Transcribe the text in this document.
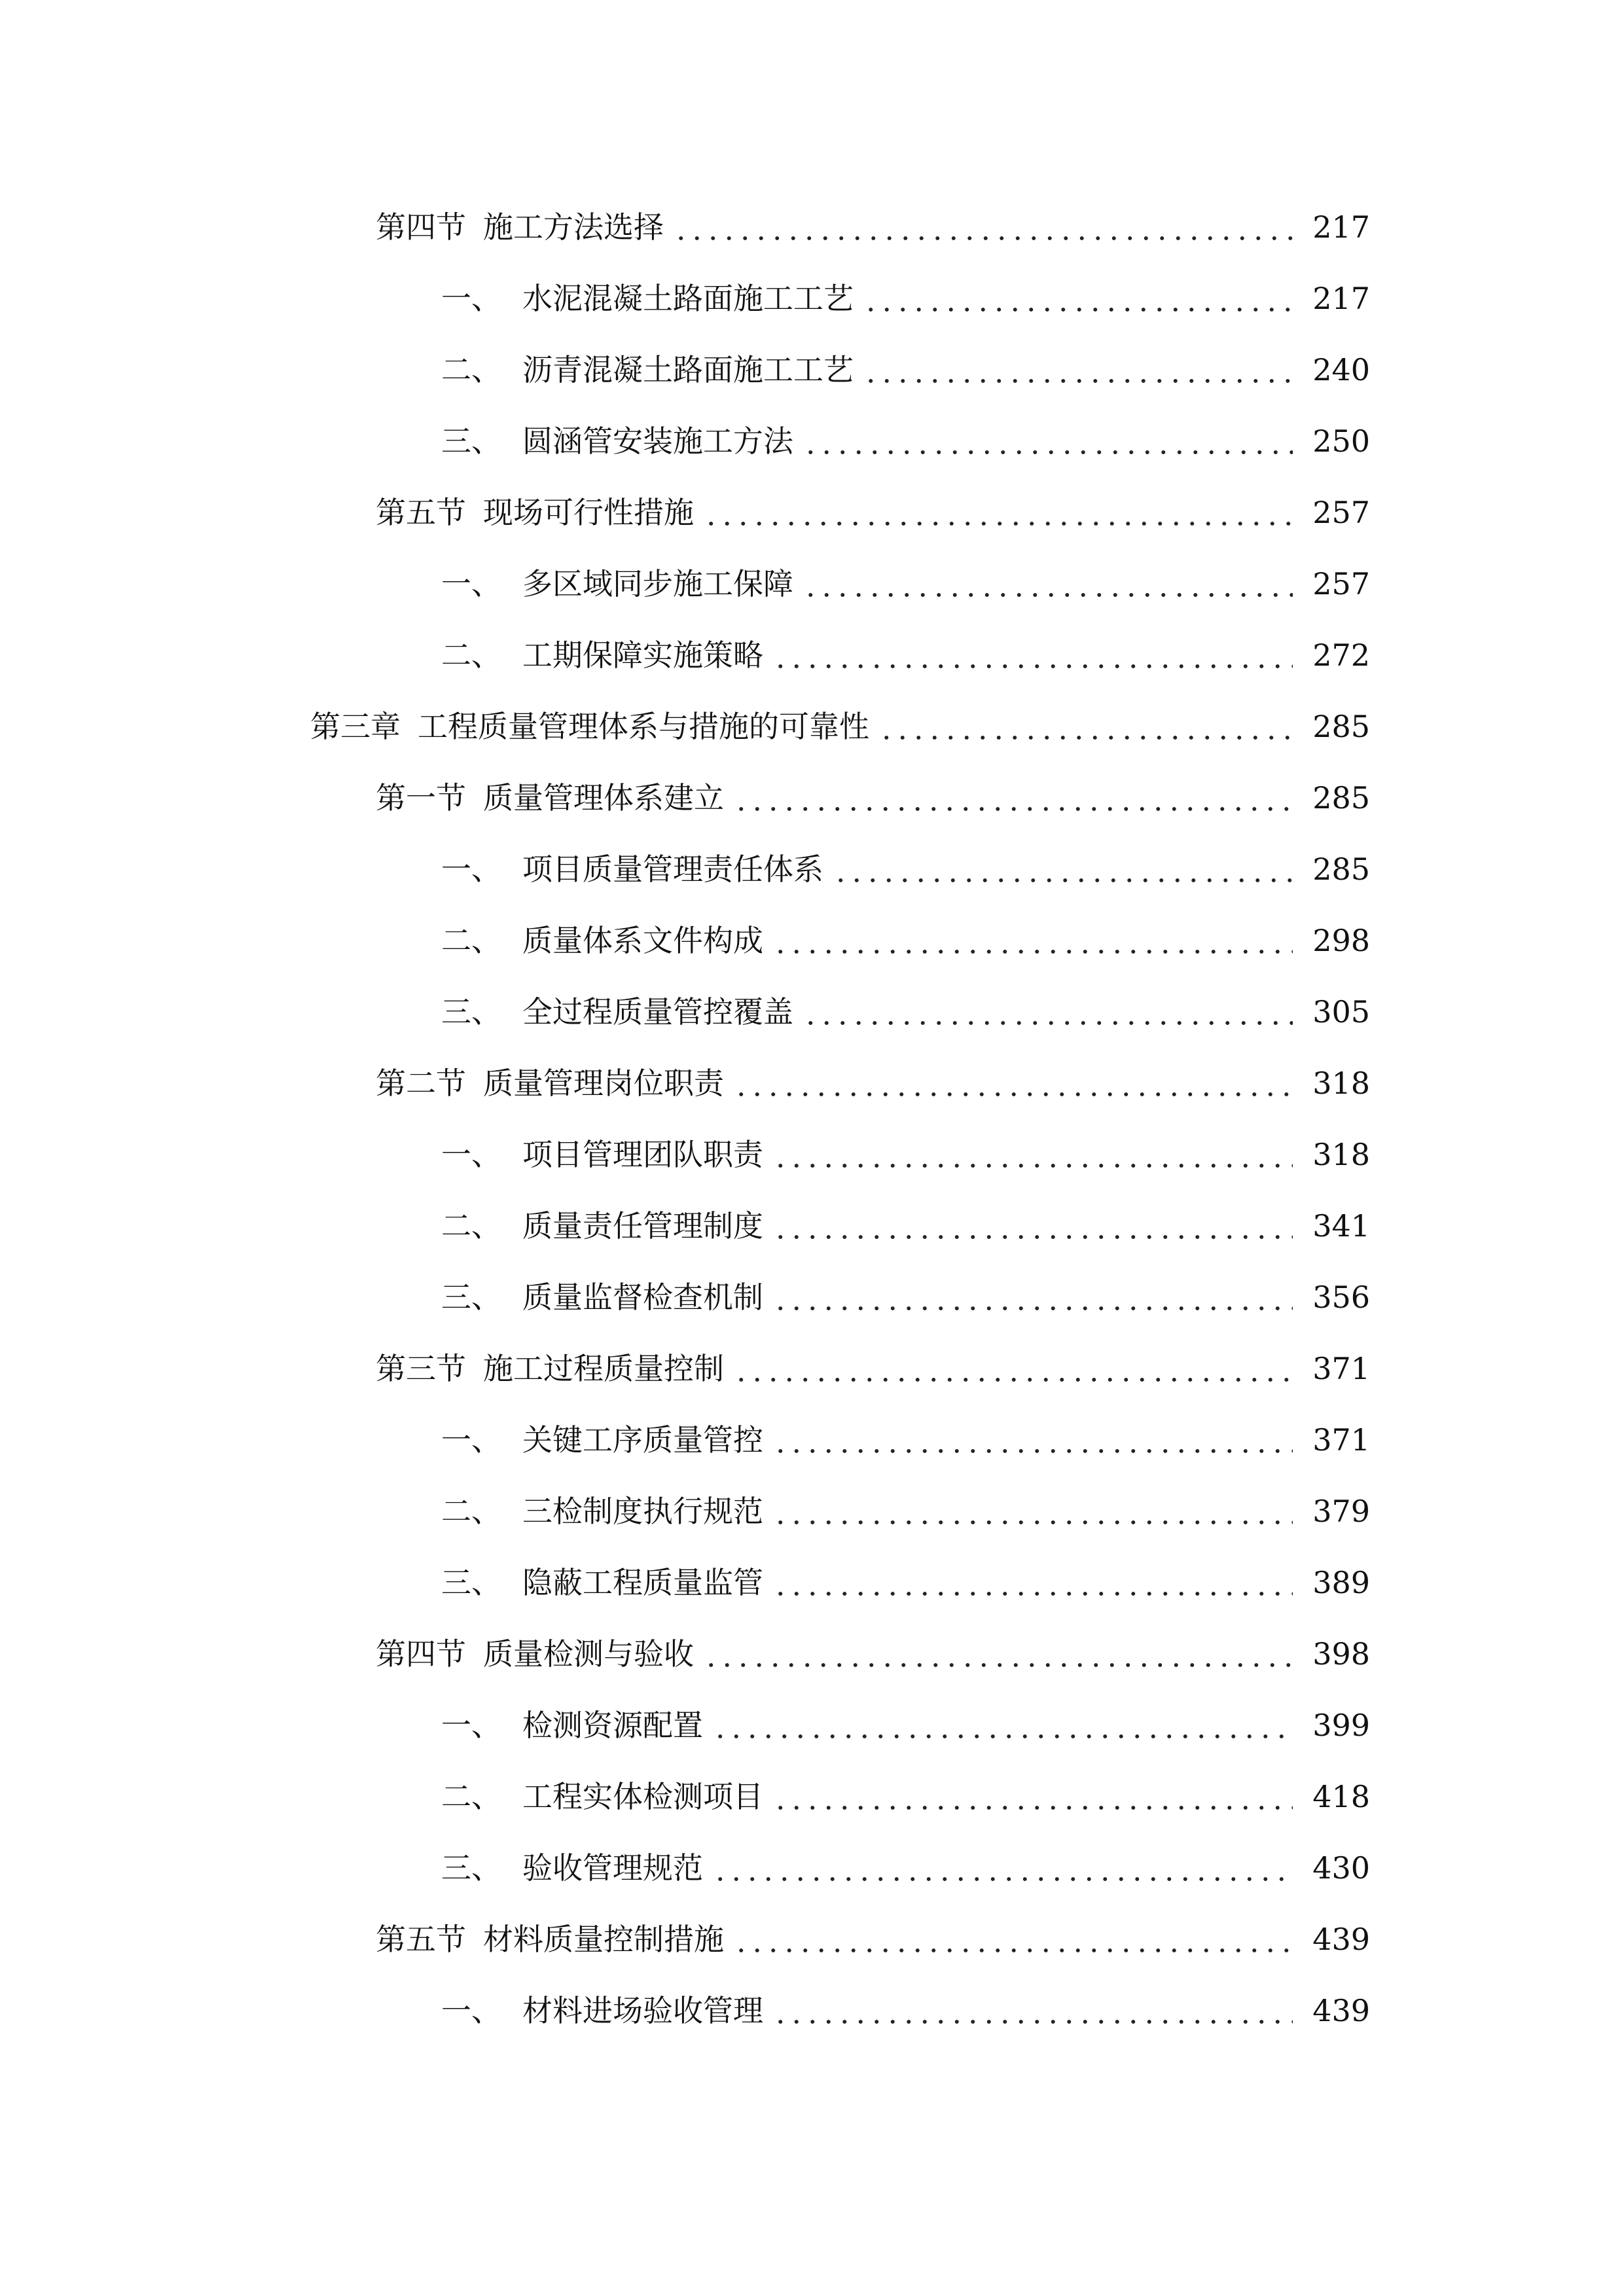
第四节 施工方法选择	217
一、 水泥混凝土路面施工工艺	217
二、 沥青混凝土路面施工工艺	240
三、 圆涵管安装施工方法	250
第五节 现场可行性措施	257
一、 多区域同步施工保障	257
二、 工期保障实施策略	272
第三章 工程质量管理体系与措施的可靠性	285
第一节 质量管理体系建立	285
一、 项目质量管理责任体系	285
二、 质量体系文件构成	298
三、 全过程质量管控覆盖	305
第二节 质量管理岗位职责	318
一、 项目管理团队职责	318
二、 质量责任管理制度	341
三、 质量监督检查机制	356
第三节 施工过程质量控制	371
一、 关键工序质量管控	371
二、 三检制度执行规范	379
三、 隐蔽工程质量监管	389
第四节 质量检测与验收	398
一、 检测资源配置	399
二、 工程实体检测项目	418
三、 验收管理规范	430
第五节 材料质量控制措施	439
一、 材料进场验收管理	439
